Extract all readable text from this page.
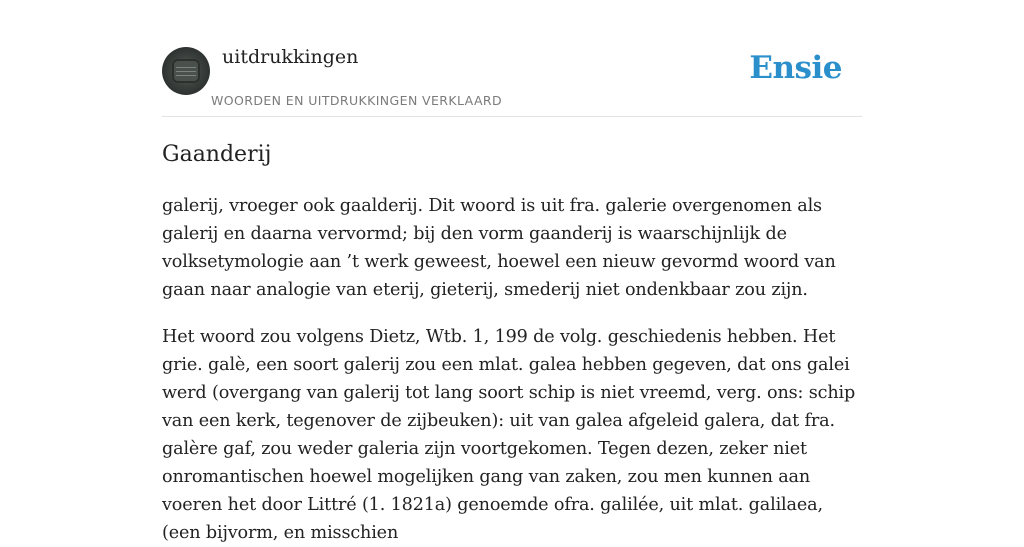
uitdrukkingen
WOORDEN EN UITDRUKKINGEN VERKLAARD
Ensie
Gaanderij

galerij, vroeger ook gaalderij. Dit woord is uit fra. galerie overgenomen als galerij en daarna vervormd; bij den vorm gaanderij is waarschijnlijk de volksetymologie aan ’t werk geweest, hoewel een nieuw gevormd woord van gaan naar analogie van eterij, gieterij, smederij niet ondenkbaar zou zijn.

Het woord zou volgens Dietz, Wtb. 1, 199 de volg. geschiedenis hebben. Het grie. galè, een soort galerij zou een mlat. galea hebben gegeven, dat ons galei werd (overgang van galerij tot lang soort schip is niet vreemd, verg. ons: schip van een kerk, tegenover de zijbeuken): uit van galea afgeleid galera, dat fra. galère gaf, zou weder galeria zijn voortgekomen. Tegen dezen, zeker niet onromantischen hoewel mogelijken gang van zaken, zou men kunnen aan voeren het door Littré (1. 1821a) genoemde ofra. galilée, uit mlat. galilaea, (een bijvorm, en misschien
